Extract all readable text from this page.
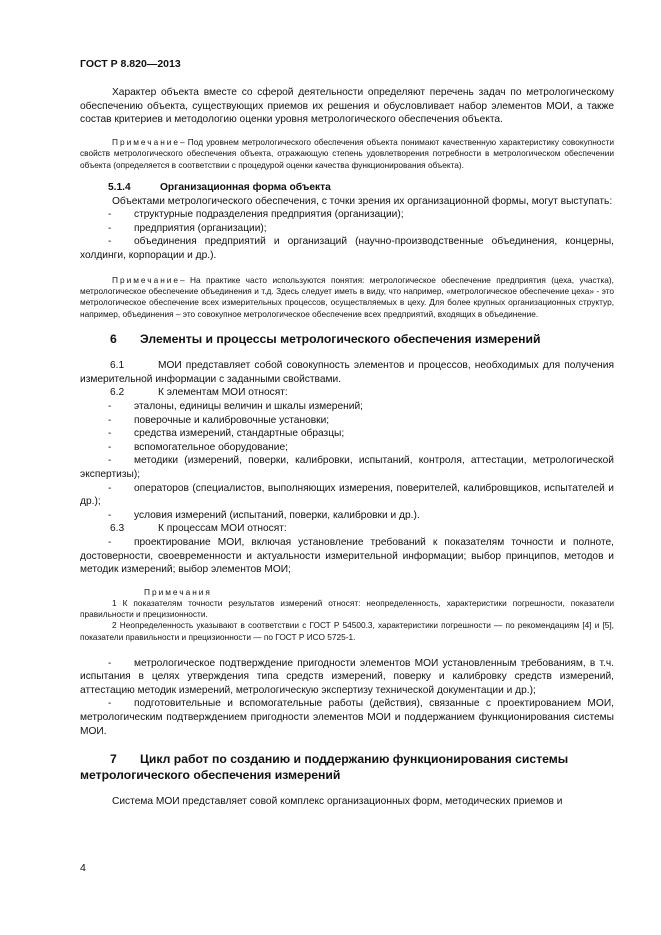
ГОСТ Р 8.820—2013

Характер объекта вместе со сферой деятельности определяют перечень задач по метрологическому обеспечению объекта, существующих приемов их решения и обусловливает набор элементов МОИ, а также состав критериев и методологию оценки уровня метрологического обеспечения объекта.

Примечание– Под уровнем метрологического обеспечения объекта понимают качественную характеристику совокупности свойств метрологического обеспечения объекта, отражающую степень удовлетворения потребности в метрологическом обеспечении объекта (определяется в соответствии с процедурой оценки качества функционирования объекта).
5.1.4	Организационная форма объекта
Объектами метрологического обеспечения, с точки зрения их организационной формы, могут выступать:
- структурные подразделения предприятия (организации);
- предприятия (организации);
- объединения предприятий и организаций (научно-производственные объединения, концерны, холдинги, корпорации и др.).
Примечание– На практике часто используются понятия: метрологическое обеспечение предприятия (цеха, участка), метрологическое обеспечение объединения и т.д. Здесь следует иметь в виду, что например, «метрологическое обеспечение цеха» - это метрологическое обеспечение всех измерительных процессов, осуществляемых в цеху. Для более крупных организационных структур, например, объединения – это совокупное метрологическое обеспечение всех предприятий, входящих в объединение.
6 Элементы и процессы метрологического обеспечения измерений
6.1	МОИ представляет собой совокупность элементов и процессов, необходимых для получения измерительной информации с заданными свойствами.
6.2	К элементам МОИ относят:
- эталоны, единицы величин и шкалы измерений;
- поверочные и калибровочные установки;
- средства измерений, стандартные образцы;
- вспомогательное оборудование;
- методики (измерений, поверки, калибровки, испытаний, контроля, аттестации, метрологической экспертизы);
- операторов (специалистов, выполняющих измерения, поверителей, калибровщиков, испытателей и др.);
- условия измерений (испытаний, поверки, калибровки и др.).
6.3	К процессам МОИ относят:
- проектирование МОИ, включая установление требований к показателям точности и полноте, достоверности, своевременности и актуальности измерительной информации; выбор принципов, методов и методик измерений; выбор элементов МОИ;
Примечания
1 К показателям точности результатов измерений относят: неопределенность, характеристики погрешности, показатели правильности и прецизионности.
2 Неопределенность указывают в соответствии с ГОСТ Р 54500.3, характеристики погрешности — по рекомендациям [4] и [5], показатели правильности и прецизионности — по ГОСТ Р ИСО 5725-1.
- метрологическое подтверждение пригодности элементов МОИ установленным требованиям, в т.ч. испытания в целях утверждения типа средств измерений, поверку и калибровку средств измерений, аттестацию методик измерений, метрологическую экспертизу технической документации и др.);
- подготовительные и вспомогательные работы (действия), связанные с проектированием МОИ, метрологическим подтверждением пригодности элементов МОИ и поддержанием функционирования системы МОИ.
7 Цикл работ по созданию и поддержанию функционирования системы метрологического обеспечения измерений
Система МОИ представляет совой комплекс организационных форм, методических приемов и
4
